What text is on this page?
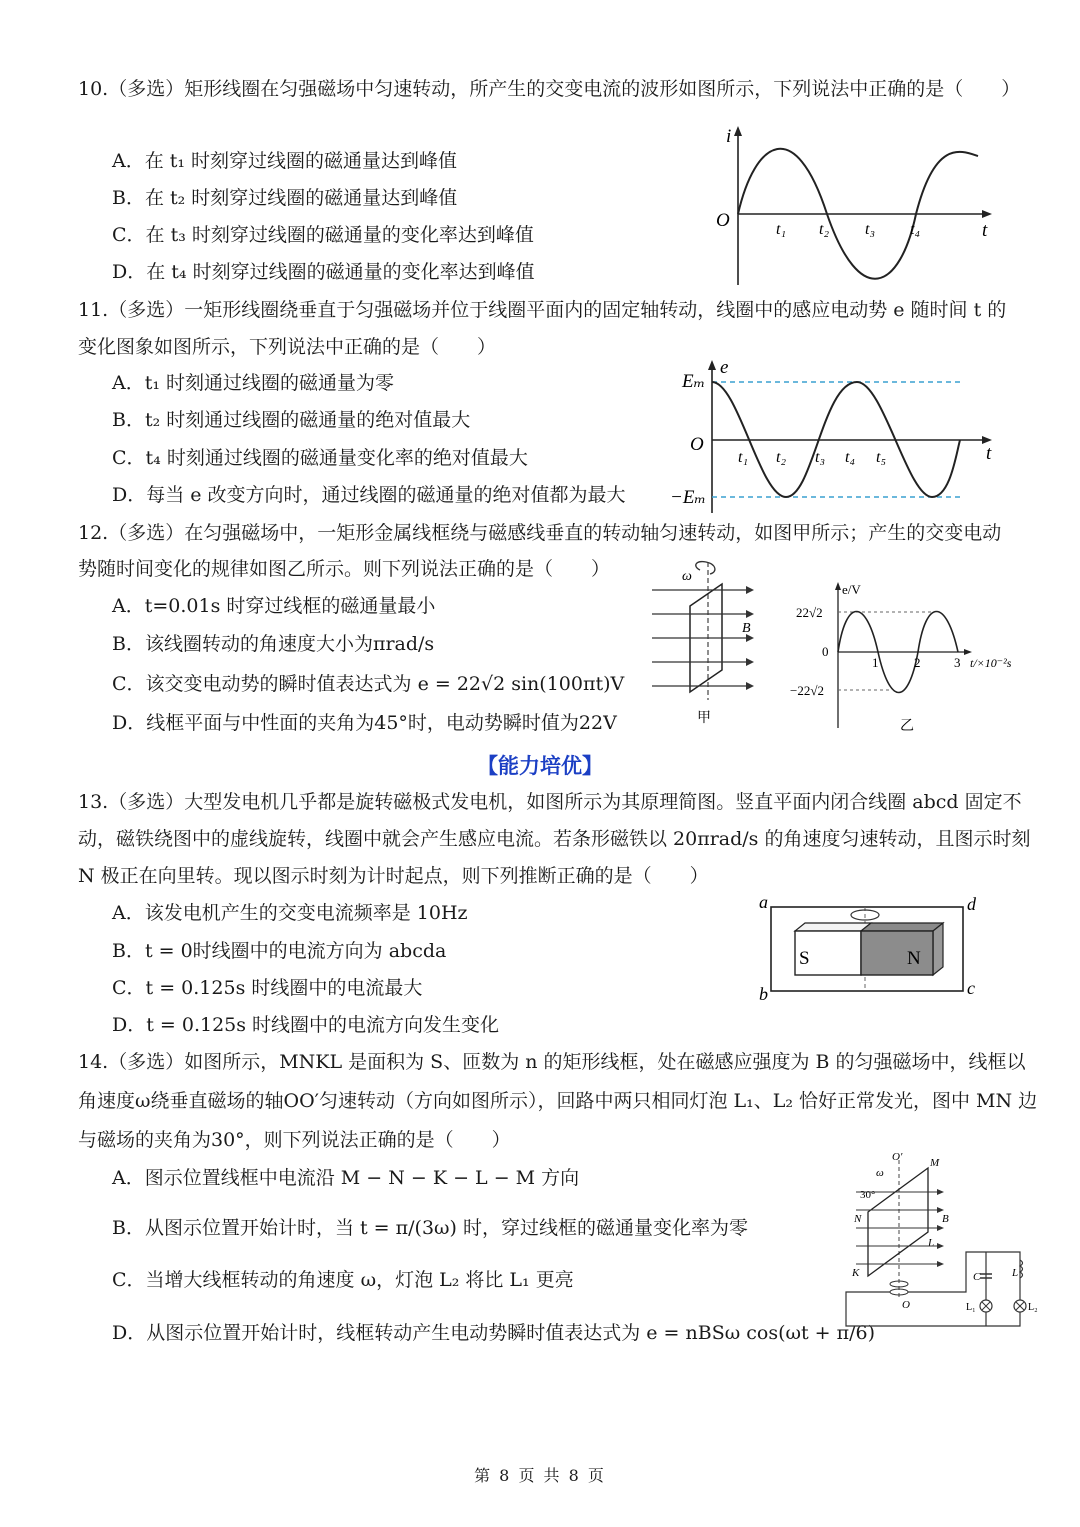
10.（多选）矩形线圈在匀强磁场中匀速转动，所产生的交变电流的波形如图所示，下列说法中正确的是（　　）
A．在 t₁ 时刻穿过线圈的磁通量达到峰值
B．在 t₂ 时刻穿过线圈的磁通量达到峰值
C．在 t₃ 时刻穿过线圈的磁通量的变化率达到峰值
D．在 t₄ 时刻穿过线圈的磁通量的变化率达到峰值
i
O	t
t₁ t₂ t₃ t₄
11.（多选）一矩形线圈绕垂直于匀强磁场并位于线圈平面内的固定轴转动，线圈中的感应电动势 e 随时间 t 的
变化图象如图所示，下列说法中正确的是（　　）
A．t₁ 时刻通过线圈的磁通量为零
B．t₂ 时刻通过线圈的磁通量的绝对值最大
C．t₄ 时刻通过线圈的磁通量变化率的绝对值最大
D．每当 e 改变方向时，通过线圈的磁通量的绝对值都为最大
e
Eₘ
O
−Eₘ
t
t₁ t₂ t₃ t₄ t₅
12.（多选）在匀强磁场中，一矩形金属线框绕与磁感线垂直的转动轴匀速转动，如图甲所示；产生的交变电动
势随时间变化的规律如图乙所示。则下列说法正确的是（　　）
A．t=0.01s 时穿过线框的磁通量最小
B．该线圈转动的角速度大小为πrad/s
C．该交变电动势的瞬时值表达式为 e = 22√2 sin(100πt)V
D．线框平面与中性面的夹角为45°时，电动势瞬时值为22V
ω
B
甲
e/V
22√2
0
−22√2
1	2	3 t/×10⁻²s
乙
【能力培优】
13.（多选）大型发电机几乎都是旋转磁极式发电机，如图所示为其原理简图。竖直平面内闭合线圈 abcd 固定不
动，磁铁绕图中的虚线旋转，线圈中就会产生感应电流。若条形磁铁以 20πrad/s 的角速度匀速转动，且图示时刻
N 极正在向里转。现以图示时刻为计时起点，则下列推断正确的是（　　）
A．该发电机产生的交变电流频率是 10Hz
B．t = 0时线圈中的电流方向为 abcda
C．t = 0.125s 时线圈中的电流最大
D．t = 0.125s 时线圈中的电流方向发生变化
a
b	c
d
S	N
14.（多选）如图所示，MNKL 是面积为 S、匝数为 n 的矩形线框，处在磁感应强度为 B 的匀强磁场中，线框以
角速度ω绕垂直磁场的轴OO′匀速转动（方向如图所示），回路中两只相同灯泡 L₁、L₂ 恰好正常发光，图中 MN 边
与磁场的夹角为30°，则下列说法正确的是（　　）
A．图示位置线框中电流沿 M − N − K − L − M 方向
B．从图示位置开始计时，当 t = π/(3ω) 时，穿过线框的磁通量变化率为零
C．当增大线框转动的角速度 ω，灯泡 L₂ 将比 L₁ 更亮
D．从图示位置开始计时，线框转动产生电动势瞬时值表达式为 e = nBSω cos(ωt + π/6)
O′
ω
30°
M
N
K
L
B
O
C	L
L₁	L₂
第 8 页 共 8 页
